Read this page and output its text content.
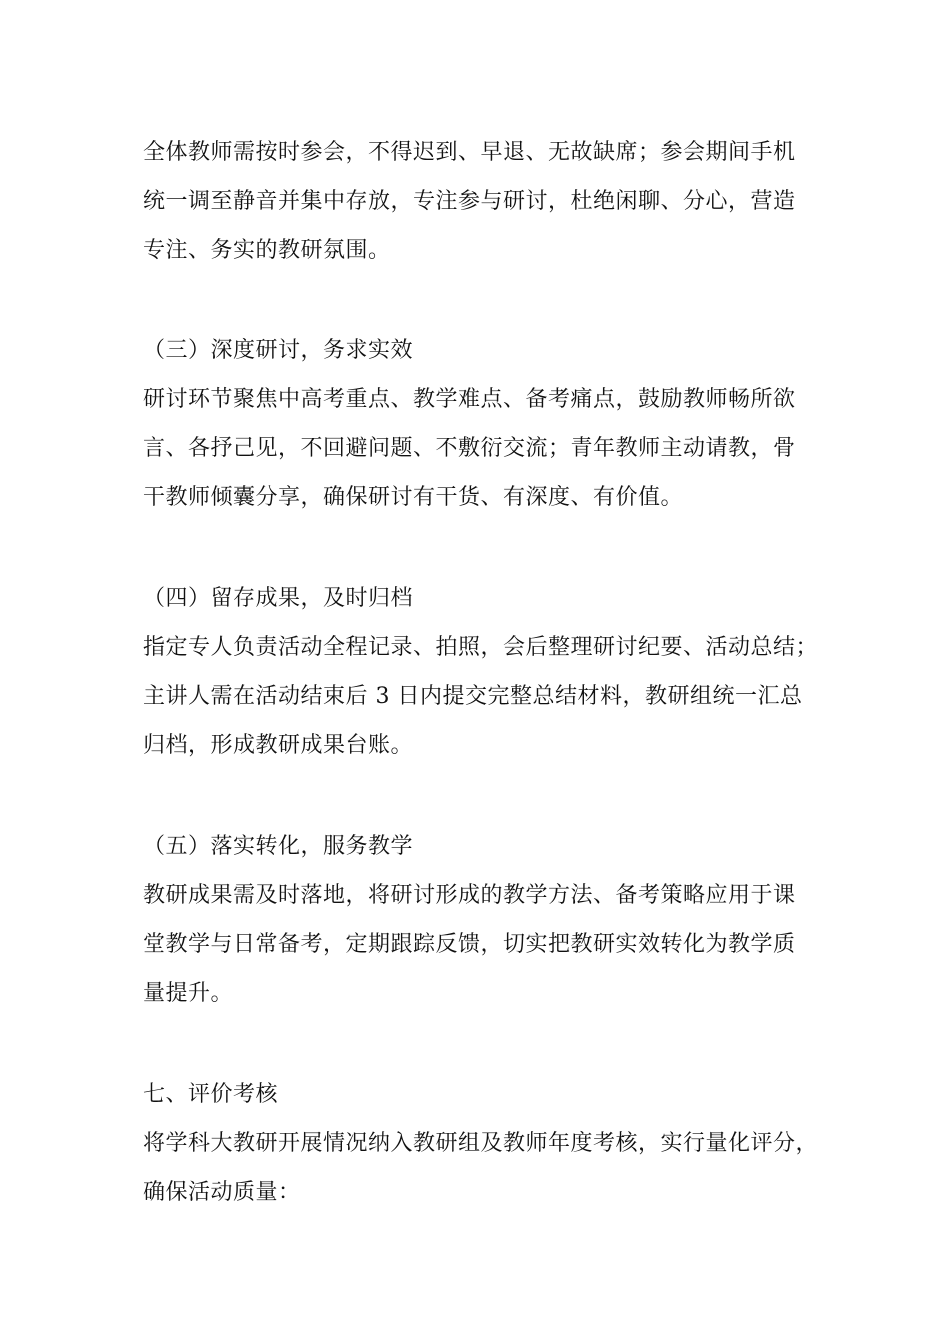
全体教师需按时参会，不得迟到、早退、无故缺席；参会期间手机
统一调至静音并集中存放，专注参与研讨，杜绝闲聊、分心，营造
专注、务实的教研氛围。
（三）深度研讨，务求实效
研讨环节聚焦中高考重点、教学难点、备考痛点，鼓励教师畅所欲
言、各抒己见，不回避问题、不敷衍交流；青年教师主动请教，骨
干教师倾囊分享，确保研讨有干货、有深度、有价值。
（四）留存成果，及时归档
指定专人负责活动全程记录、拍照，会后整理研讨纪要、活动总结；
主讲人需在活动结束后 3 日内提交完整总结材料，教研组统一汇总
归档，形成教研成果台账。
（五）落实转化，服务教学
教研成果需及时落地，将研讨形成的教学方法、备考策略应用于课
堂教学与日常备考，定期跟踪反馈，切实把教研实效转化为教学质
量提升。
七、评价考核
将学科大教研开展情况纳入教研组及教师年度考核，实行量化评分，
确保活动质量：
